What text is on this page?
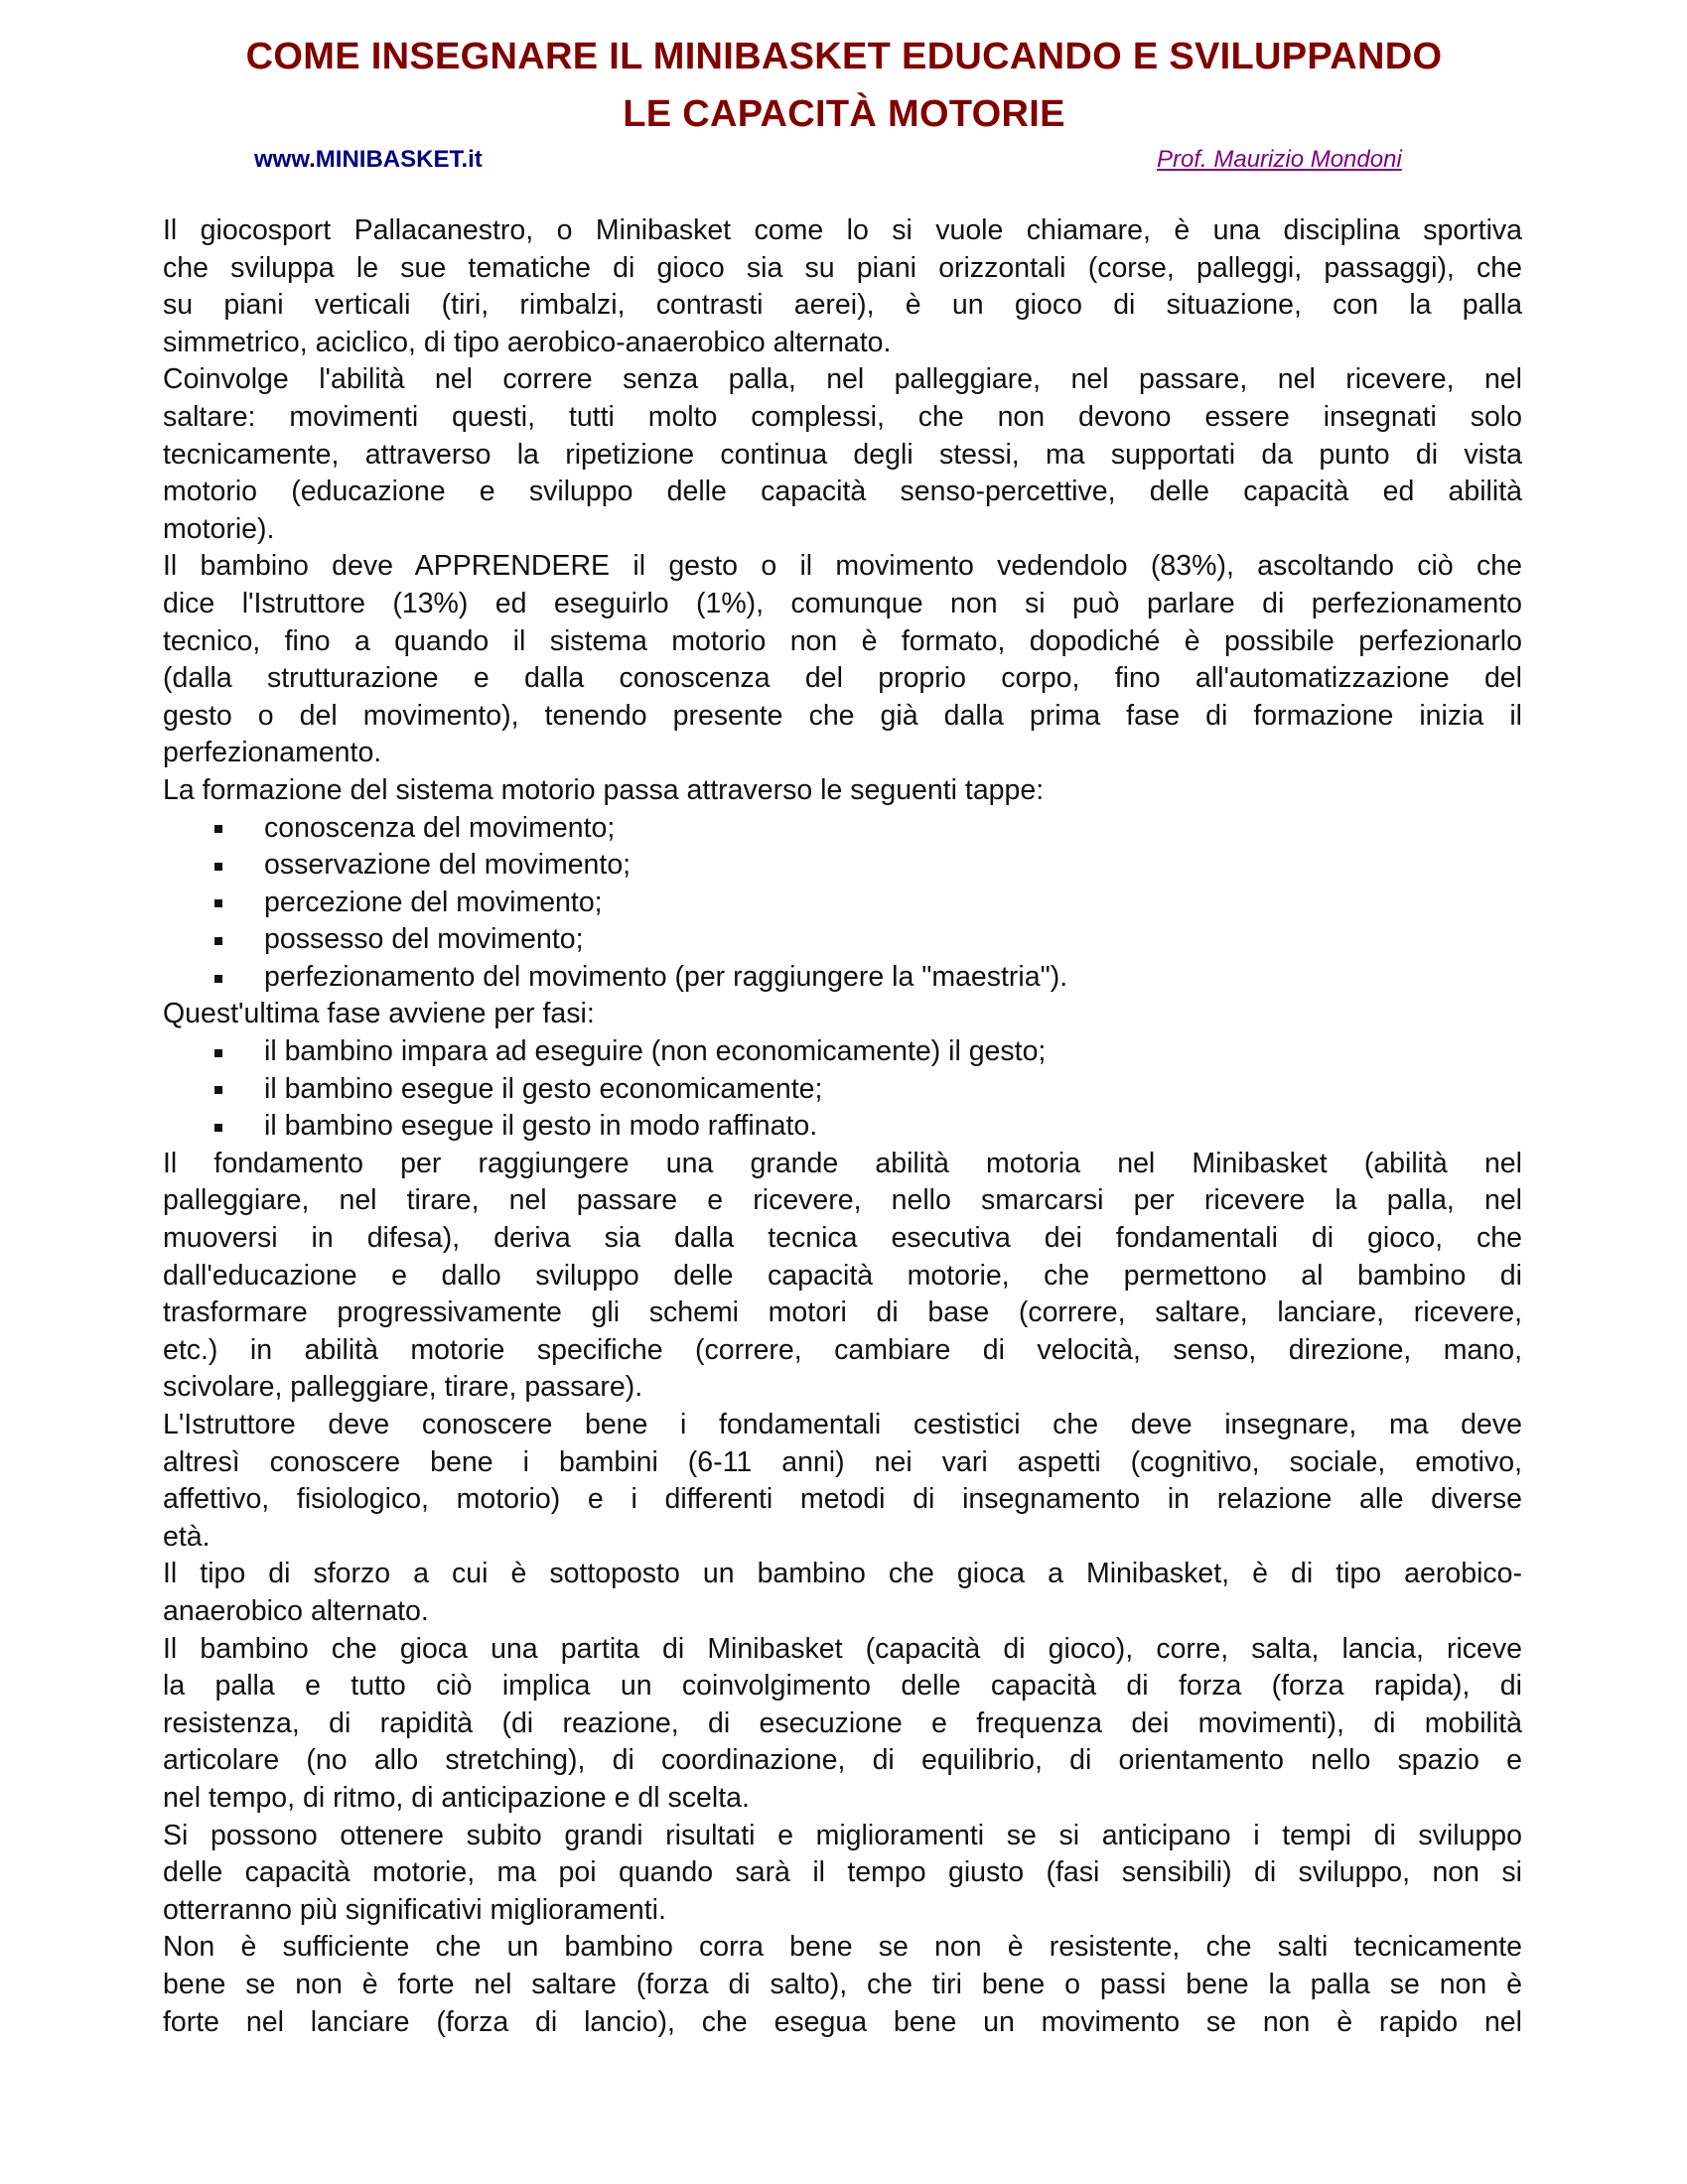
COME INSEGNARE IL MINIBASKET EDUCANDO E SVILUPPANDO
LE CAPACITÀ MOTORIE
www.MINIBASKET.it	Prof. Maurizio Mondoni
Il giocosport Pallacanestro, o Minibasket come lo si vuole chiamare, è una disciplina sportiva
che sviluppa le sue tematiche di gioco sia su piani orizzontali (corse, palleggi, passaggi), che
su piani verticali (tiri, rimbalzi, contrasti aerei), è un gioco di situazione, con la palla
simmetrico, aciclico, di tipo aerobico-anaerobico alternato.
Coinvolge l'abilità nel correre senza palla, nel palleggiare, nel passare, nel ricevere, nel
saltare: movimenti questi, tutti molto complessi, che non devono essere insegnati solo
tecnicamente, attraverso la ripetizione continua degli stessi, ma supportati da punto di vista
motorio (educazione e sviluppo delle capacità senso-percettive, delle capacità ed abilità
motorie).
Il bambino deve APPRENDERE il gesto o il movimento vedendolo (83%), ascoltando ciò che
dice l'Istruttore (13%) ed eseguirlo (1%), comunque non si può parlare di perfezionamento
tecnico, fino a quando il sistema motorio non è formato, dopodiché è possibile perfezionarlo
(dalla strutturazione e dalla conoscenza del proprio corpo, fino all'automatizzazione del
gesto o del movimento), tenendo presente che già dalla prima fase di formazione inizia il
perfezionamento.
La formazione del sistema motorio passa attraverso le seguenti tappe:
conoscenza del movimento;
osservazione del movimento;
percezione del movimento;
possesso del movimento;
perfezionamento del movimento (per raggiungere la "maestria").
Quest'ultima fase avviene per fasi:
il bambino impara ad eseguire (non economicamente) il gesto;
il bambino esegue il gesto economicamente;
il bambino esegue il gesto in modo raffinato.
Il fondamento per raggiungere una grande abilità motoria nel Minibasket (abilità nel
palleggiare, nel tirare, nel passare e ricevere, nello smarcarsi per ricevere la palla, nel
muoversi in difesa), deriva sia dalla tecnica esecutiva dei fondamentali di gioco, che
dall'educazione e dallo sviluppo delle capacità motorie, che permettono al bambino di
trasformare progressivamente gli schemi motori di base (correre, saltare, lanciare, ricevere,
etc.) in abilità motorie specifiche (correre, cambiare di velocità, senso, direzione, mano,
scivolare, palleggiare, tirare, passare).
L'Istruttore deve conoscere bene i fondamentali cestistici che deve insegnare, ma deve
altresì conoscere bene i bambini (6-11 anni) nei vari aspetti (cognitivo, sociale, emotivo,
affettivo, fisiologico, motorio) e i differenti metodi di insegnamento in relazione alle diverse
età.
Il tipo di sforzo a cui è sottoposto un bambino che gioca a Minibasket, è di tipo aerobico-
anaerobico alternato.
Il bambino che gioca una partita di Minibasket (capacità di gioco), corre, salta, lancia, riceve
la palla e tutto ciò implica un coinvolgimento delle capacità di forza (forza rapida), di
resistenza, di rapidità (di reazione, di esecuzione e frequenza dei movimenti), di mobilità
articolare (no allo stretching), di coordinazione, di equilibrio, di orientamento nello spazio e
nel tempo, di ritmo, di anticipazione e dl scelta.
Si possono ottenere subito grandi risultati e miglioramenti se si anticipano i tempi di sviluppo
delle capacità motorie, ma poi quando sarà il tempo giusto (fasi sensibili) di sviluppo, non si
otterranno più significativi miglioramenti.
Non è sufficiente che un bambino corra bene se non è resistente, che salti tecnicamente
bene se non è forte nel saltare (forza di salto), che tiri bene o passi bene la palla se non è
forte nel lanciare (forza di lancio), che esegua bene un movimento se non è rapido nel
